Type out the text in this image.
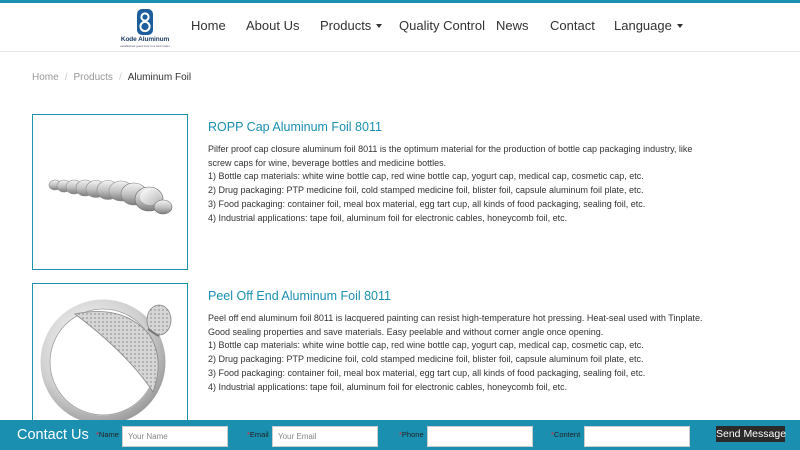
Kode Aluminum
established good trust in a new realm
Home About Us Products	Quality Control News Contact Language
Home / Products / Aluminum Foil
ROPP Cap Aluminum Foil 8011

Pilfer proof cap closure aluminum foil 8011 is the optimum material for the production of bottle cap packaging industry, like

screw caps for wine, beverage bottles and medicine bottles.

1) Bottle cap materials: white wine bottle cap, red wine bottle cap, yogurt cap, medical cap, cosmetic cap, etc.

2) Drug packaging: PTP medicine foil, cold stamped medicine foil, blister foil, capsule aluminum foil plate, etc.

3) Food packaging: container foil, meal box material, egg tart cup, all kinds of food packaging, sealing foil, etc.

4) Industrial applications: tape foil, aluminum foil for electronic cables, honeycomb foil, etc.

Peel Off End Aluminum Foil 8011

Peel off end aluminum foil 8011 is lacquered painting can resist high-temperature hot pressing. Heat-seal used with Tinplate.

Good sealing properties and save materials. Easy peelable and without corner angle once opening.

1) Bottle cap materials: white wine bottle cap, red wine bottle cap, yogurt cap, medical cap, cosmetic cap, etc.

2) Drug packaging: PTP medicine foil, cold stamped medicine foil, blister foil, capsule aluminum foil plate, etc.

3) Food packaging: container foil, meal box material, egg tart cup, all kinds of food packaging, sealing foil, etc.

4) Industrial applications: tape foil, aluminum foil for electronic cables, honeycomb foil, etc.

Contact Us *Name
Your Name	*Email
Your Email	*Phone	*Content	Send Message
